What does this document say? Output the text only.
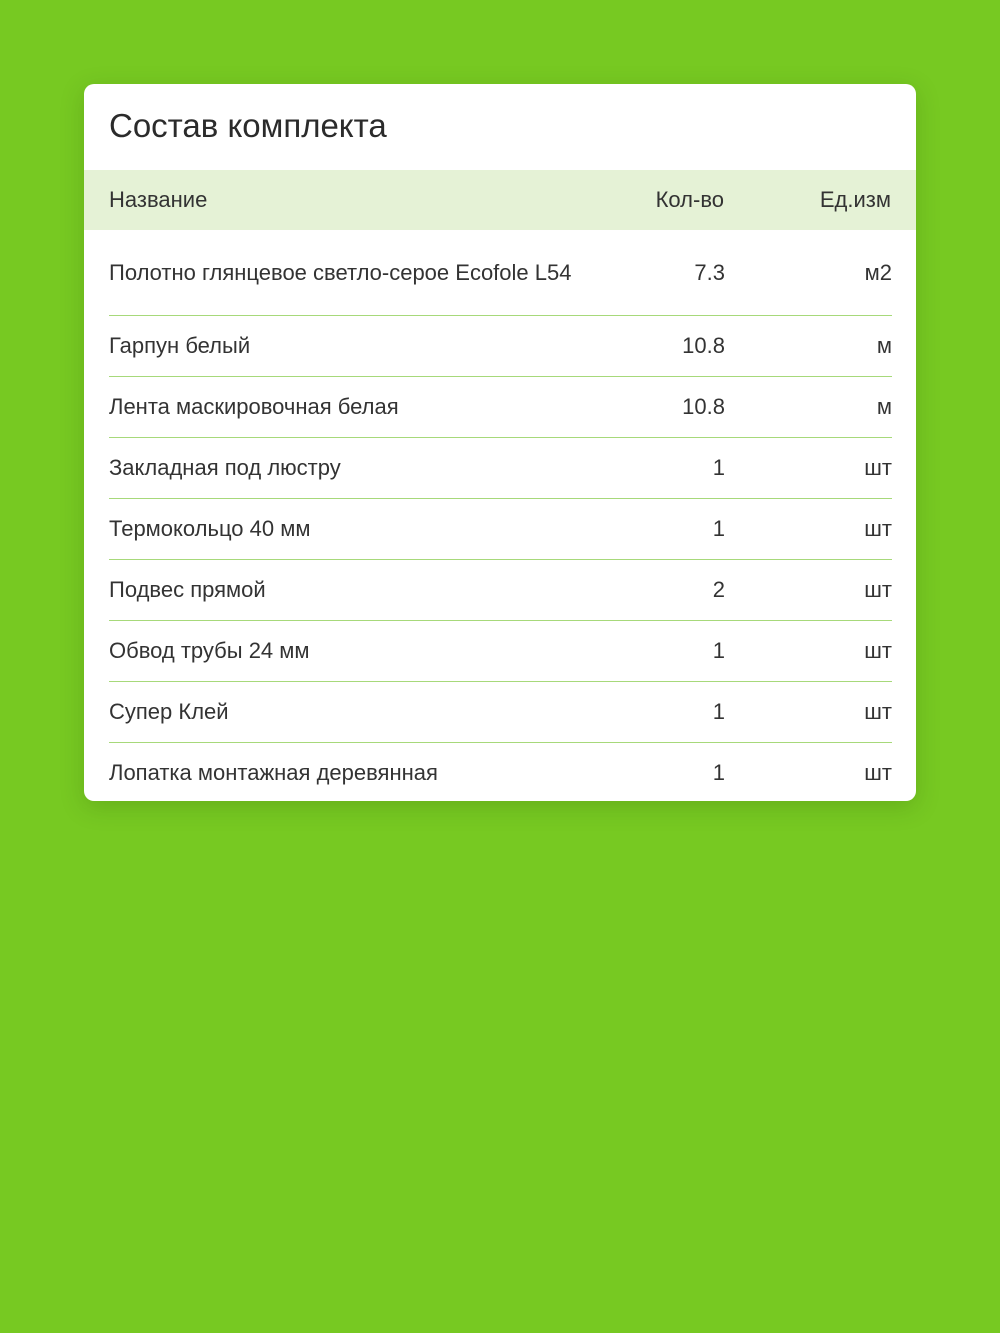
Состав комплекта
Название	Кол-во	Ед.изм
Полотно глянцевое светло-серое Ecofole L54	7.3	м2
Гарпун белый	10.8	м
Лента маскировочная белая	10.8	м
Закладная под люстру	1	шт
Термокольцо 40 мм	1	шт
Подвес прямой	2	шт
Обвод трубы 24 мм	1	шт
Супер Клей	1	шт
Лопатка монтажная деревянная	1	шт
